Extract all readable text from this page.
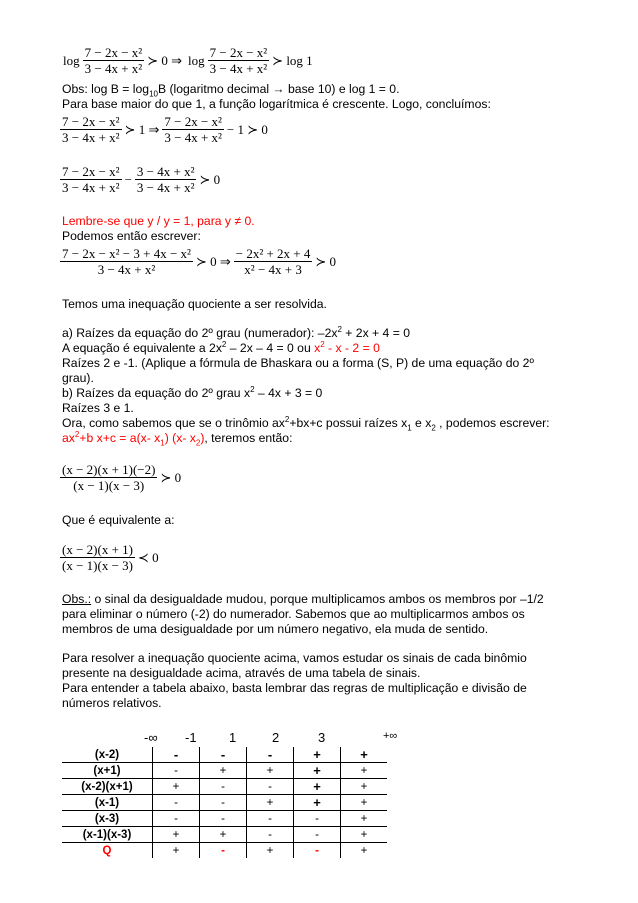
$\log \frac{\text{7 − 2x − x²}}{\text{3 − 4x + x²}}$ ≻ 0 ⇒ $\log \frac{\text{7 − 2x − x²}}{\text{3 − 4x + x²}}$ ≻ log 1
Obs: $\log B = \log_{10}B$ (logaritmo decimal → base 10) e log 1 = 0.
Para base maior do que 1, a função logarítmica é crescente. Logo, concluímos:
$\frac{\text{7 − 2x − x²}}{\text{3 − 4x + x²}}$ ≻ 1 ⇒ $\frac{\text{7 − 2x − x²}}{\text{3 − 4x + x²}} - 1$ ≻ 0
$\frac{\text{7 − 2x − x²}}{\text{3 − 4x + x²}} - \frac{\text{3 − 4x + x²}}{\text{3 − 4x + x²}}$ ≻ 0
Lembre-se que y / y = 1, para y ≠ 0.
Podemos então escrever:
$\frac{\text{7 − 2x − x² − 3 + 4x − x²}}{\text{3 − 4x + x²}}$ ≻ 0 ⇒ $\frac{\text{− 2x² + 2x + 4}}{\text{x² − 4x + 3}}$ ≻ 0
Temos uma inequação quociente a ser resolvida.
a) Raízes da equação do 2º grau (numerador): $-2x^2 + 2x + 4 = 0$
A equação é equivalente a $2x^2 - 2x - 4 = 0$ ou $x^2 - x - 2 = 0$
Raízes 2 e -1. (Aplique a fórmula de Bhaskara ou a forma (S, P) de uma equação do 2º
grau).
b) Raízes da equação do 2º grau $x^2 - 4x + 3 = 0$
Raízes 3 e 1.
Ora, como sabemos que se o trinômio $ax^2+bx+c$ possui raízes $x_1$ e $x_2$ , podemos escrever:
$ax^2+b$ x+c = a(x- $x_1$) (x- $x_2$), teremos então:
$\frac{(x - 2)(x + 1)(-2)}{(x - 1)(x - 3)}$ ≻ 0
Que é equivalente a:
$\frac{(x - 2)(x + 1)}{(x - 1)(x - 3)}$ ≺ 0
Obs.: o sinal da desigualdade mudou, porque multiplicamos ambos os membros por –1/2
para eliminar o número (-2) do numerador. Sabemos que ao multiplicarmos ambos os
membros de uma desigualdade por um número negativo, ela muda de sentido.
Para resolver a inequação quociente acima, vamos estudar os sinais de cada binômio
presente na desigualdade acima, através de uma tabela de sinais.
Para entender a tabela abaixo, basta lembrar das regras de multiplicação e divisão de
números relativos.
-∞ -1 1	2	3	+∞
(x-2)	-	-	-	+	+
(x+1)	-	+	+	+	+
(x-2)(x+1)	+	-	-	+	+
(x-1)	-	-	+	+	+
(x-3)	-	-	-	-	+
(x-1)(x-3)	+	+	-	-	+
Q	+	-	+	-	+
